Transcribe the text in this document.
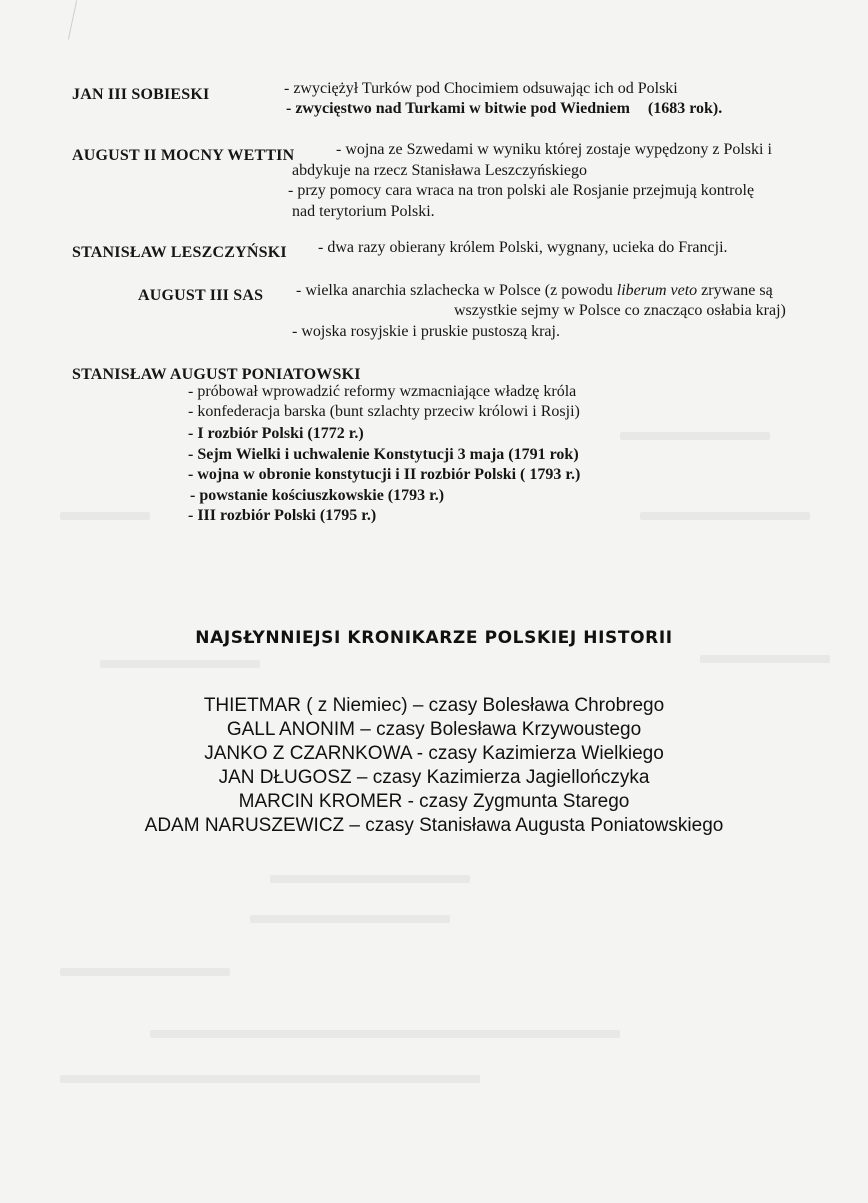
JAN III SOBIESKI	- zwyciężył Turków pod Chocimiem odsuwając ich od Polski
- zwycięstwo nad Turkami w bitwie pod Wiedniem (1683 rok).
AUGUST II MOCNY WETTIN	- wojna ze Szwedami w wyniku której zostaje wypędzony z Polski i
abdykuje na rzecz Stanisława Leszczyńskiego
- przy pomocy cara wraca na tron polski ale Rosjanie przejmują kontrolę
nad terytorium Polski.
STANISŁAW LESZCZYŃSKI - dwa razy obierany królem Polski, wygnany, ucieka do Francji.
AUGUST III SAS - wielka anarchia szlachecka w Polsce (z powodu liberum veto zrywane są
wszystkie sejmy w Polsce co znacząco osłabia kraj)
- wojska rosyjskie i pruskie pustoszą kraj.
STANISŁAW AUGUST PONIATOWSKI
- próbował wprowadzić reformy wzmacniające władzę króla
- konfederacja barska (bunt szlachty przeciw królowi i Rosji)
- I rozbiór Polski (1772 r.)
- Sejm Wielki i uchwalenie Konstytucji 3 maja (1791 rok)
- wojna w obronie konstytucji i II rozbiór Polski ( 1793 r.)
- powstanie kościuszkowskie (1793 r.)
- III rozbiór Polski (1795 r.)
NAJSŁYNNIEJSI KRONIKARZE POLSKIEJ HISTORII
THIETMAR ( z Niemiec) – czasy Bolesława Chrobrego
GALL ANONIM – czasy Bolesława Krzywoustego
JANKO Z CZARNKOWA - czasy Kazimierza Wielkiego
JAN DŁUGOSZ – czasy Kazimierza Jagiellończyka
MARCIN KROMER - czasy Zygmunta Starego
ADAM NARUSZEWICZ – czasy Stanisława Augusta Poniatowskiego
